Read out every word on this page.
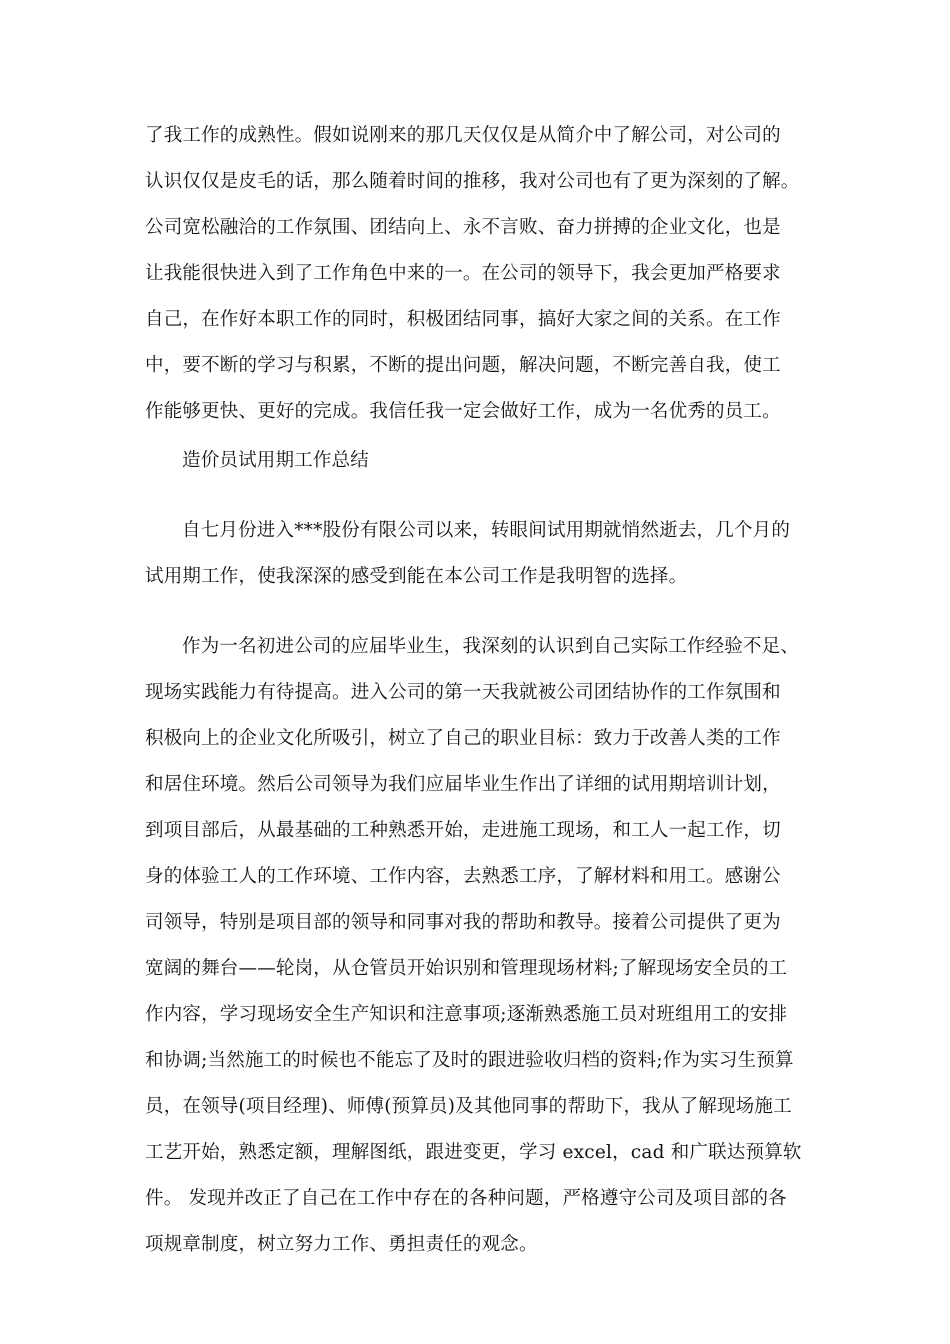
了我工作的成熟性。假如说刚来的那几天仅仅是从简介中了解公司，对公司的
认识仅仅是皮毛的话，那么随着时间的推移，我对公司也有了更为深刻的了解。
公司宽松融洽的工作氛围、团结向上、永不言败、奋力拼搏的企业文化，也是
让我能很快进入到了工作角色中来的一。在公司的领导下，我会更加严格要求
自己，在作好本职工作的同时，积极团结同事，搞好大家之间的关系。在工作
中，要不断的学习与积累，不断的提出问题，解决问题，不断完善自我，使工
作能够更快、更好的完成。我信任我一定会做好工作，成为一名优秀的员工。
造价员试用期工作总结
自七月份进入***股份有限公司以来，转眼间试用期就悄然逝去，几个月的
试用期工作，使我深深的感受到能在本公司工作是我明智的选择。
作为一名初进公司的应届毕业生，我深刻的认识到自己实际工作经验不足、
现场实践能力有待提高。进入公司的第一天我就被公司团结协作的工作氛围和
积极向上的企业文化所吸引，树立了自己的职业目标：致力于改善人类的工作
和居住环境。然后公司领导为我们应届毕业生作出了详细的试用期培训计划，
到项目部后，从最基础的工种熟悉开始，走进施工现场，和工人一起工作，切
身的体验工人的工作环境、工作内容，去熟悉工序，了解材料和用工。感谢公
司领导，特别是项目部的领导和同事对我的帮助和教导。接着公司提供了更为
宽阔的舞台——轮岗，从仓管员开始识别和管理现场材料;了解现场安全员的工
作内容，学习现场安全生产知识和注意事项;逐渐熟悉施工员对班组用工的安排
和协调;当然施工的时候也不能忘了及时的跟进验收归档的资料;作为实习生预算
员，在领导(项目经理)、师傅(预算员)及其他同事的帮助下，我从了解现场施工
工艺开始，熟悉定额，理解图纸，跟进变更，学习 excel，cad 和广联达预算软
件。 发现并改正了自己在工作中存在的各种问题，严格遵守公司及项目部的各
项规章制度，树立努力工作、勇担责任的观念。
